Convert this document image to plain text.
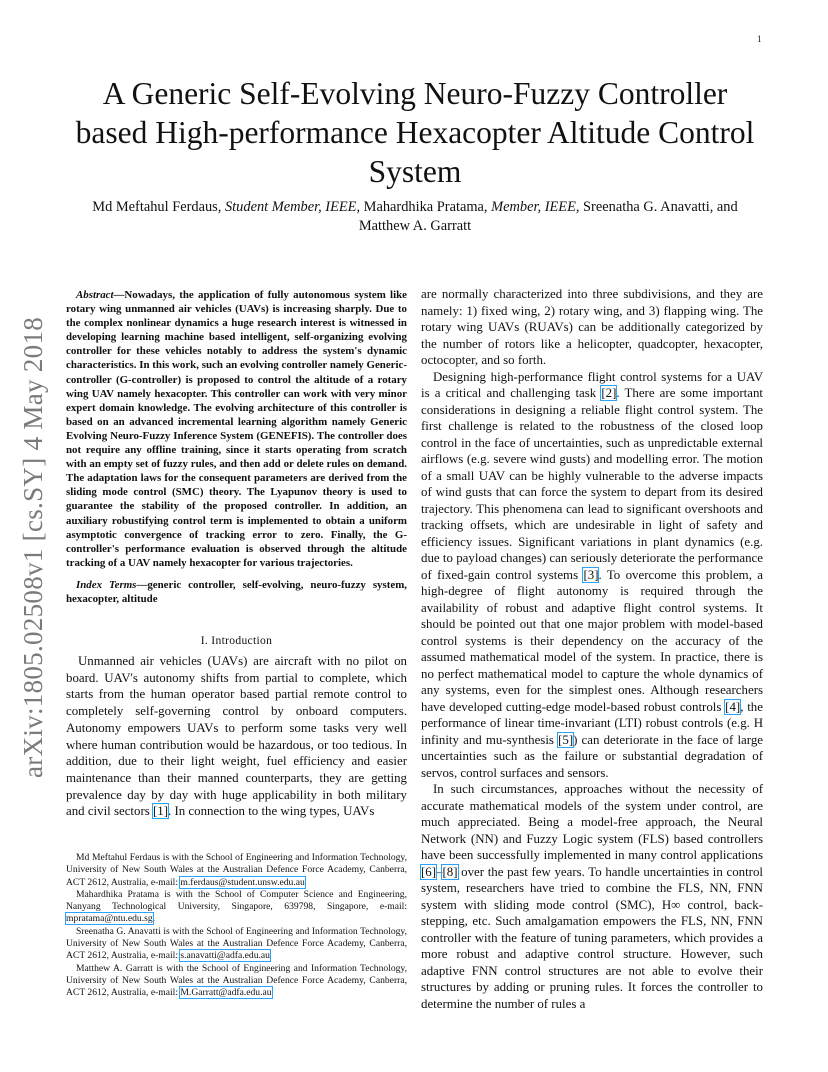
1
arXiv:1805.02508v1 [cs.SY] 4 May 2018
A Generic Self-Evolving Neuro-Fuzzy Controller based High-performance Hexacopter Altitude Control System

Md Meftahul Ferdaus, Student Member, IEEE, Mahardhika Pratama, Member, IEEE, Sreenatha G. Anavatti, and Matthew A. Garratt

Abstract—Nowadays, the application of fully autonomous system like rotary wing unmanned air vehicles (UAVs) is increasing sharply. Due to the complex nonlinear dynamics a huge research interest is witnessed in developing learning machine based intelligent, self-organizing evolving controller for these vehicles notably to address the system's dynamic characteristics. In this work, such an evolving controller namely Generic-controller (G-controller) is proposed to control the altitude of a rotary wing UAV namely hexacopter. This controller can work with very minor expert domain knowledge. The evolving architecture of this controller is based on an advanced incremental learning algorithm namely Generic Evolving Neuro-Fuzzy Inference System (GENEFIS). The controller does not require any offline training, since it starts operating from scratch with an empty set of fuzzy rules, and then add or delete rules on demand. The adaptation laws for the consequent parameters are derived from the sliding mode control (SMC) theory. The Lyapunov theory is used to guarantee the stability of the proposed controller. In addition, an auxiliary robustifying control term is implemented to obtain a uniform asymptotic convergence of tracking error to zero. Finally, the G-controller's performance evaluation is observed through the altitude tracking of a UAV namely hexacopter for various trajectories.

Index Terms—generic controller, self-evolving, neuro-fuzzy system, hexacopter, altitude

I. Introduction

Unmanned air vehicles (UAVs) are aircraft with no pilot on board. UAV's autonomy shifts from partial to complete, which starts from the human operator based partial remote control to completely self-governing control by onboard computers. Autonomy empowers UAVs to perform some tasks very well where human contribution would be hazardous, or too tedious. In addition, due to their light weight, fuel efficiency and easier maintenance than their manned counterparts, they are getting prevalence day by day with huge applicability in both military and civil sectors [1]. In connection to the wing types, UAVs

are normally characterized into three subdivisions, and they are namely: 1) fixed wing, 2) rotary wing, and 3) flapping wing. The rotary wing UAVs (RUAVs) can be additionally categorized by the number of rotors like a helicopter, quadcopter, hexacopter, octocopter, and so forth.

Designing high-performance flight control systems for a UAV is a critical and challenging task [2]. There are some important considerations in designing a reliable flight control system. The first challenge is related to the robustness of the closed loop control in the face of uncertainties, such as unpredictable external airflows (e.g. severe wind gusts) and modelling error. The motion of a small UAV can be highly vulnerable to the adverse impacts of wind gusts that can force the system to depart from its desired trajectory. This phenomena can lead to significant overshoots and tracking offsets, which are undesirable in light of safety and efficiency issues. Significant variations in plant dynamics (e.g. due to payload changes) can seriously deteriorate the performance of fixed-gain control systems [3]. To overcome this problem, a high-degree of flight autonomy is required through the availability of robust and adaptive flight control systems. It should be pointed out that one major problem with model-based control systems is their dependency on the accuracy of the assumed mathematical model of the system. In practice, there is no perfect mathematical model to capture the whole dynamics of any systems, even for the simplest ones. Although researchers have developed cutting-edge model-based robust controls [4], the performance of linear time-invariant (LTI) robust controls (e.g. H infinity and mu-synthesis [5]) can deteriorate in the face of large uncertainties such as the failure or substantial degradation of servos, control surfaces and sensors.

In such circumstances, approaches without the necessity of accurate mathematical models of the system under control, are much appreciated. Being a model-free approach, the Neural Network (NN) and Fuzzy Logic system (FLS) based controllers have been successfully implemented in many control applications [6]–[8] over the past few years. To handle uncertainties in control system, researchers have tried to combine the FLS, NN, FNN system with sliding mode control (SMC), H∞ control, back-stepping, etc. Such amalgamation empowers the FLS, NN, FNN controller with the feature of tuning parameters, which provides a more robust and adaptive control structure. However, such adaptive FNN control structures are not able to evolve their structures by adding or pruning rules. It forces the controller to determine the number of rules a

Md Meftahul Ferdaus is with the School of Engineering and Information Technology, University of New South Wales at the Australian Defence Force Academy, Canberra, ACT 2612, Australia, e-mail: m.ferdaus@student.unsw.edu.au

Mahardhika Pratama is with the School of Computer Science and Engineering, Nanyang Technological University, Singapore, 639798, Singapore, e-mail: mpratama@ntu.edu.sg.

Sreenatha G. Anavatti is with the School of Engineering and Information Technology, University of New South Wales at the Australian Defence Force Academy, Canberra, ACT 2612, Australia, e-mail: s.anavatti@adfa.edu.au

Matthew A. Garratt is with the School of Engineering and Information Technology, University of New South Wales at the Australian Defence Force Academy, Canberra, ACT 2612, Australia, e-mail: M.Garratt@adfa.edu.au
